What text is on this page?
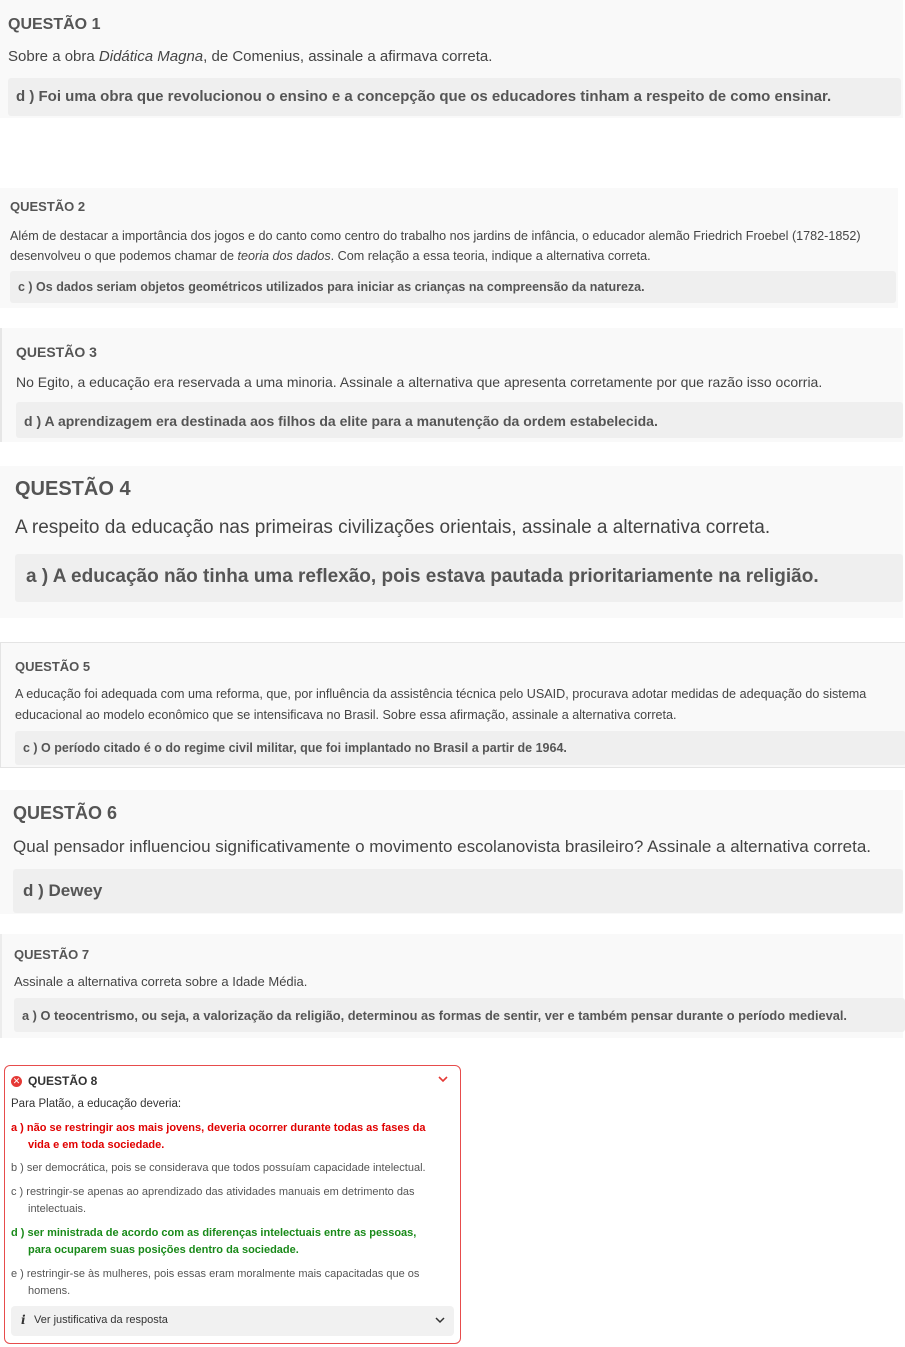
QUESTÃO 1
Sobre a obra Didática Magna, de Comenius, assinale a afirmava correta.
d ) Foi uma obra que revolucionou o ensino e a concepção que os educadores tinham a respeito de como ensinar.
QUESTÃO 2
Além de destacar a importância dos jogos e do canto como centro do trabalho nos jardins de infância, o educador alemão Friedrich Froebel (1782-1852) desenvolveu o que podemos chamar de teoria dos dados. Com relação a essa teoria, indique a alternativa correta.
c ) Os dados seriam objetos geométricos utilizados para iniciar as crianças na compreensão da natureza.
QUESTÃO 3
No Egito, a educação era reservada a uma minoria. Assinale a alternativa que apresenta corretamente por que razão isso ocorria.
d ) A aprendizagem era destinada aos filhos da elite para a manutenção da ordem estabelecida.
QUESTÃO 4
A respeito da educação nas primeiras civilizações orientais, assinale a alternativa correta.
a ) A educação não tinha uma reflexão, pois estava pautada prioritariamente na religião.
QUESTÃO 5
A educação foi adequada com uma reforma, que, por influência da assistência técnica pelo USAID, procurava adotar medidas de adequação do sistema educacional ao modelo econômico que se intensificava no Brasil. Sobre essa afirmação, assinale a alternativa correta.
c ) O período citado é o do regime civil militar, que foi implantado no Brasil a partir de 1964.
QUESTÃO 6
Qual pensador influenciou significativamente o movimento escolanovista brasileiro? Assinale a alternativa correta.
d ) Dewey
QUESTÃO 7
Assinale a alternativa correta sobre a Idade Média.
a ) O teocentrismo, ou seja, a valorização da religião, determinou as formas de sentir, ver e também pensar durante o período medieval.
✕ QUESTÃO 8
Para Platão, a educação deveria:
a ) não se restringir aos mais jovens, deveria ocorrer durante todas as fases da
vida e em toda sociedade.
b ) ser democrática, pois se considerava que todos possuíam capacidade intelectual.
c ) restringir-se apenas ao aprendizado das atividades manuais em detrimento das
intelectuais.
d ) ser ministrada de acordo com as diferenças intelectuais entre as pessoas,
para ocuparem suas posições dentro da sociedade.
e ) restringir-se às mulheres, pois essas eram moralmente mais capacitadas que os
homens.
i Ver justificativa da resposta
